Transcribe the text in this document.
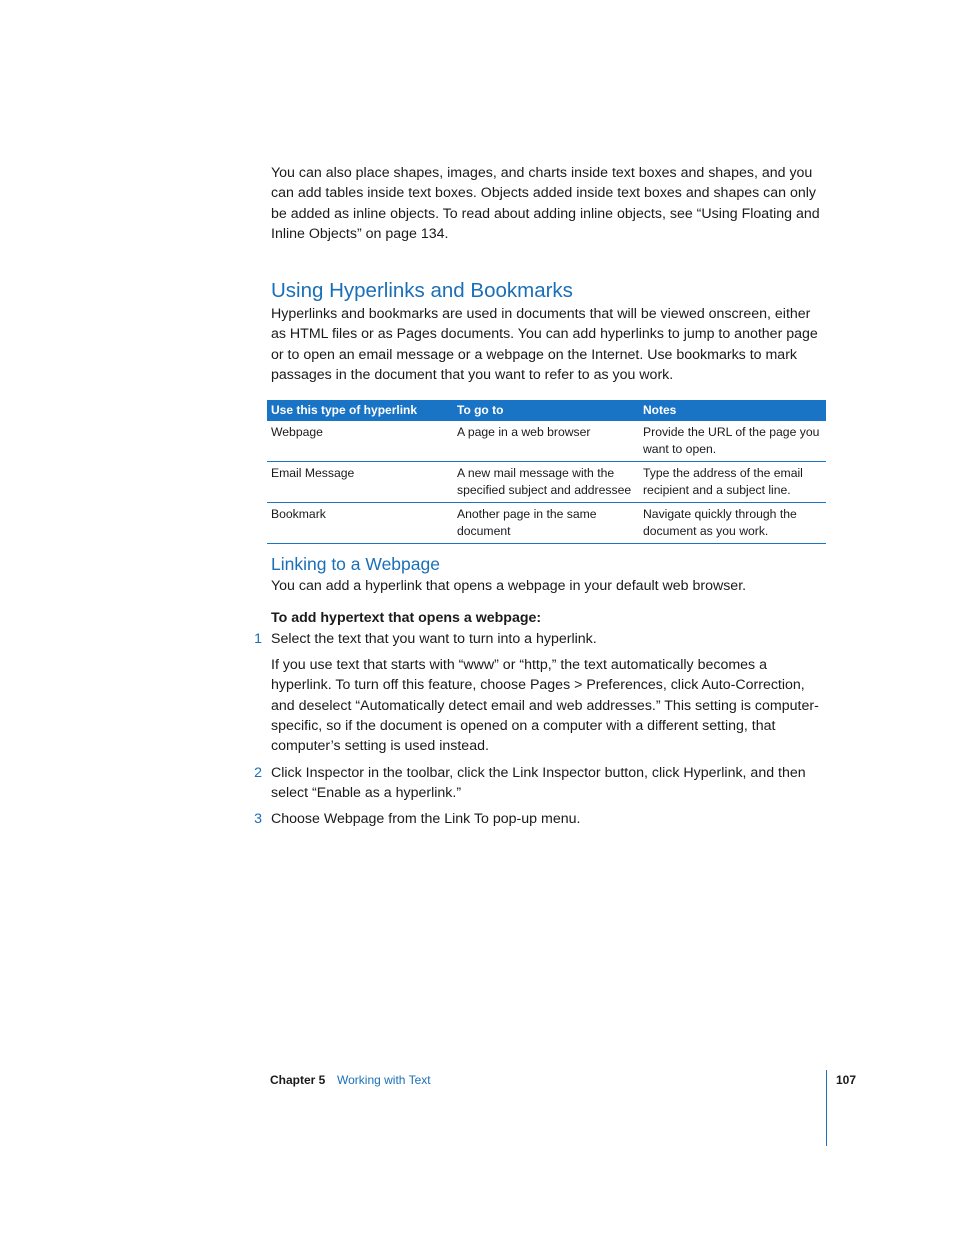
You can also place shapes, images, and charts inside text boxes and shapes, and you can add tables inside text boxes. Objects added inside text boxes and shapes can only be added as inline objects. To read about adding inline objects, see “Using Floating and Inline Objects” on page 134.

Using Hyperlinks and Bookmarks

Hyperlinks and bookmarks are used in documents that will be viewed onscreen, either as HTML files or as Pages documents. You can add hyperlinks to jump to another page or to open an email message or a webpage on the Internet. Use bookmarks to mark passages in the document that you want to refer to as you work.

Use this type of hyperlink	To go to	Notes
Webpage	A page in a web browser	Provide the URL of the page you want to open.
Email Message	A new mail message with the specified subject and addressee	Type the address of the email recipient and a subject line.
Bookmark	Another page in the same document	Navigate quickly through the document as you work.
Linking to a Webpage

You can add a hyperlink that opens a webpage in your default web browser.

To add hypertext that opens a webpage:

1 Select the text that you want to turn into a hyperlink.

If you use text that starts with “www” or “http,” the text automatically becomes a hyperlink. To turn off this feature, choose Pages > Preferences, click Auto-Correction, and deselect “Automatically detect email and web addresses.” This setting is computer-specific, so if the document is opened on a computer with a different setting, that computer’s setting is used instead.

2 Click Inspector in the toolbar, click the Link Inspector button, click Hyperlink, and then select “Enable as a hyperlink.”

3 Choose Webpage from the Link To pop-up menu.

Chapter 5 Working with Text	107
